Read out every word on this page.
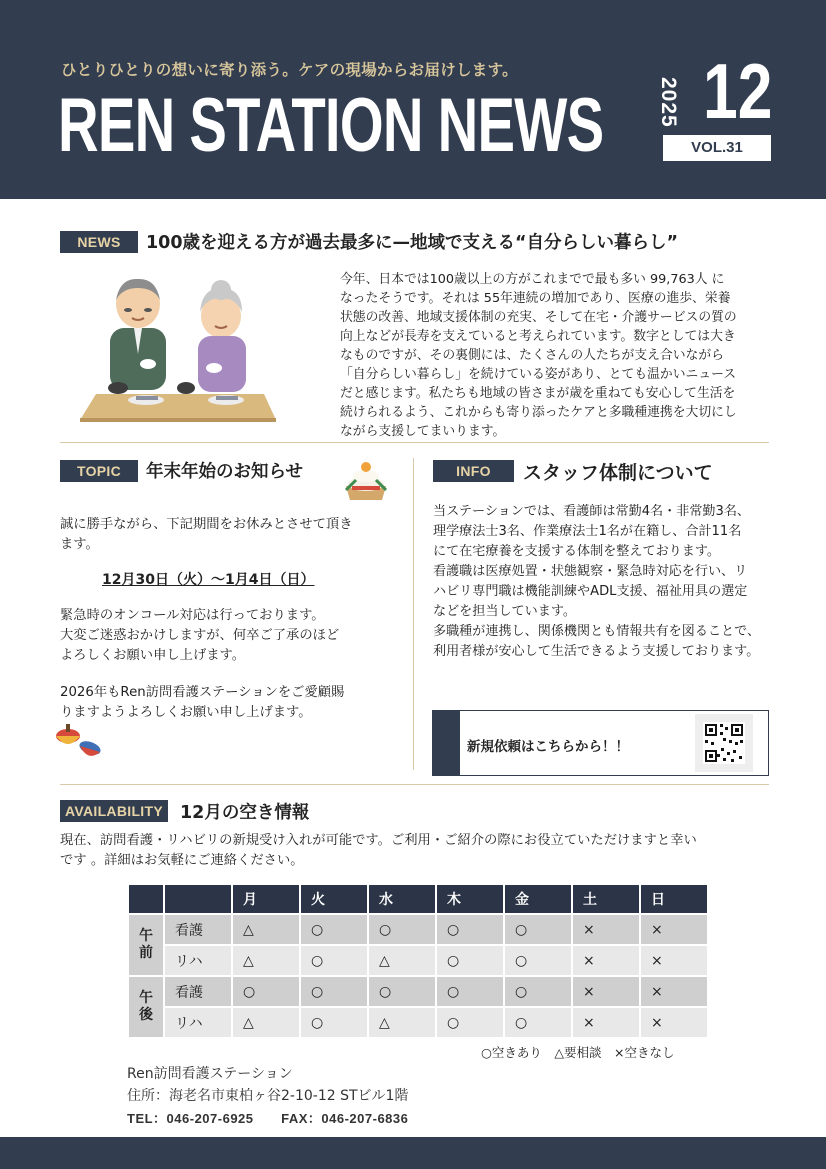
ひとりひとりの想いに寄り添う。ケアの現場からお届けします。
REN STATION NEWS	2025 12
VOL.31
NEWS	100歳を迎える方が過去最多に—地域で支える“自分らしい暮らし”

今年、日本では100歳以上の方がこれまでで最も多い 99,763人 に

なったそうです。それは 55年連続の増加であり、医療の進歩、栄養

状態の改善、地域支援体制の充実、そして在宅・介護サービスの質の

向上などが長寿を支えていると考えられています。数字としては大き

なものですが、その裏側には、たくさんの人たちが支え合いながら

「自分らしい暮らし」を続けている姿があり、とても温かいニュース

だと感じます。私たちも地域の皆さまが歳を重ねても安心して生活を

続けられるよう、これからも寄り添ったケアと多職種連携を大切にし

ながら支援してまいります。

TOPIC	年末年始のお知らせ

誠に勝手ながら、下記期間をお休みとさせて頂き

ます。

12月30日（火）～1月4日（日）

緊急時のオンコール対応は行っております。

大変ご迷惑おかけしますが、何卒ご了承のほど

よろしくお願い申し上げます。

2026年もRen訪問看護ステーションをご愛顧賜

りますようよろしくお願い申し上げます。

INFO	スタッフ体制について

当ステーションでは、看護師は常勤4名・非常勤3名、

理学療法士3名、作業療法士1名が在籍し、合計11名

にて在宅療養を支援する体制を整えております。

看護職は医療処置・状態観察・緊急時対応を行い、リ

ハビリ専門職は機能訓練やADL支援、福祉用具の選定

などを担当しています。

多職種が連携し、関係機関とも情報共有を図ることで、

利用者様が安心して生活できるよう支援しております。

新規依頼はこちらから！！
AVAILABILITY 12月の空き情報

現在、訪問看護・リハビリの新規受け入れが可能です。ご利用・ご紹介の際にお役立ていただけますと幸い

です 。詳細はお気軽にご連絡ください。

		月	火	水	木	金	土	日
午前	看護	△	○	○	○	○	×	×
	リハ	△	○	△	○	○	×	×
午後	看護	○	○	○	○	○	×	×
	リハ	△	○	△	○	○	×	×
○空きあり　△要相談　×空きなし
Ren訪問看護ステーション
住所：海老名市東柏ヶ谷2-10-12 STビル1階
TEL：046-207-6925 FAX：046-207-6836
